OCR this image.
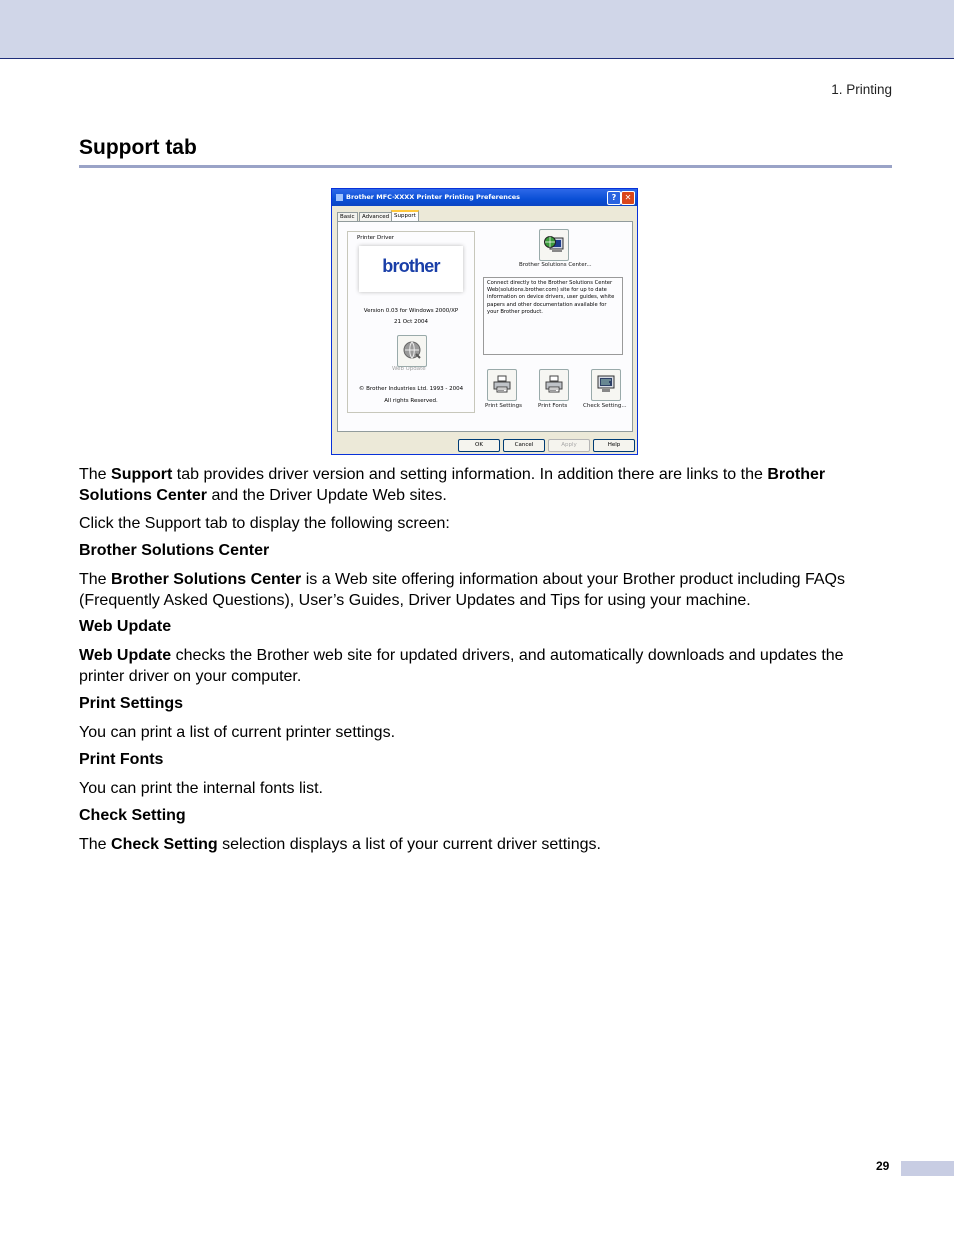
1. Printing
Support tab
Brother MFC-XXXX Printer Printing Preferences	?	✕
Basic	Advanced Support
Printer Driver
brother
Version 0.03 for Windows 2000/XP
21 Oct 2004
Web Update
© Brother Industries Ltd. 1993 - 2004
All rights Reserved.
Brother Solutions Center...
Connect directly to the Brother Solutions Center Web(solutions.brother.com) site for up to date information on device drivers, user guides, white papers and other documentation available for your Brother product.
Print Settings	Print Fonts	Check Setting...
OK	Cancel	Apply	Help
The Support tab provides driver version and setting information. In addition there are links to the Brother Solutions Center and the Driver Update Web sites.
Click the Support tab to display the following screen:
Brother Solutions Center
The Brother Solutions Center is a Web site offering information about your Brother product including FAQs (Frequently Asked Questions), User’s Guides, Driver Updates and Tips for using your machine.
Web Update
Web Update checks the Brother web site for updated drivers, and automatically downloads and updates the printer driver on your computer.
Print Settings
You can print a list of current printer settings.
Print Fonts
You can print the internal fonts list.
Check Setting
The Check Setting selection displays a list of your current driver settings.
29
